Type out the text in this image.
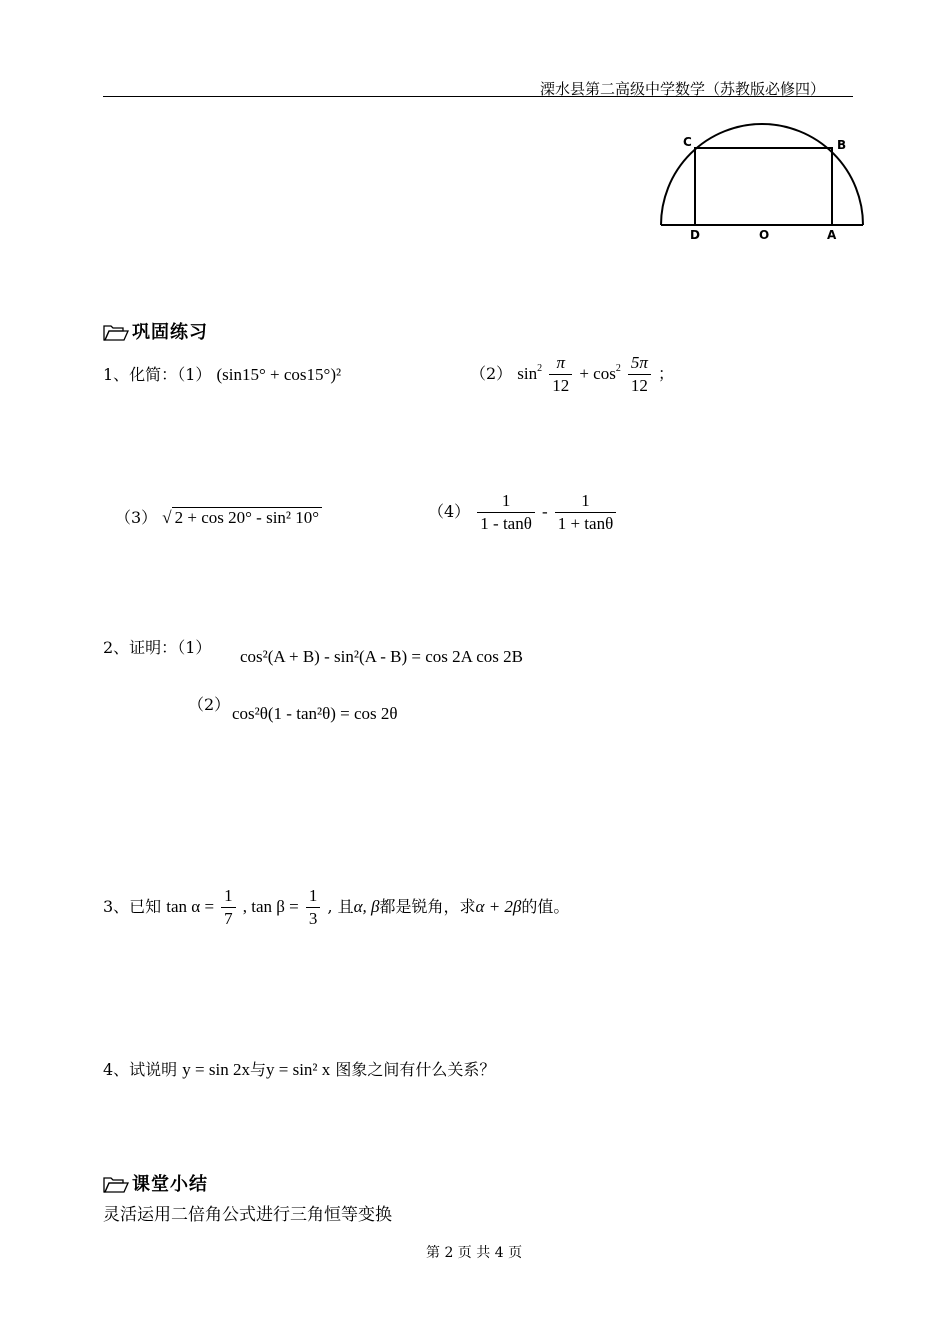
溧水县第二高级中学数学（苏教版必修四）
C	B
D	O	A
巩固练习
1、化简：（1） (sin15° + cos15°)²	（2） $\sin^2 \frac{\pi}{12} + \cos^2 \frac{5\pi}{12}$ ；
（3） √ 2 + cos 20° - sin² 10°	$(4) \frac{1}{1 - \tan\theta} - \frac{1}{1 + \tan\theta}$
2、证明：（1） cos²(A + B) - sin²(A - B) = cos 2A cos 2B
（2） cos²θ(1 - tan²θ) = cos 2θ
3、已知 $\tan \alpha = \frac{1}{7}$ , $\tan \beta = \frac{1}{3}$ , 且α, β都是锐角，求α + 2β的值。
4、试说明 y = sin 2x与y = sin² x 图象之间有什么关系？
课堂小结
灵活运用二倍角公式进行三角恒等变换
第 2 页 共 4 页
